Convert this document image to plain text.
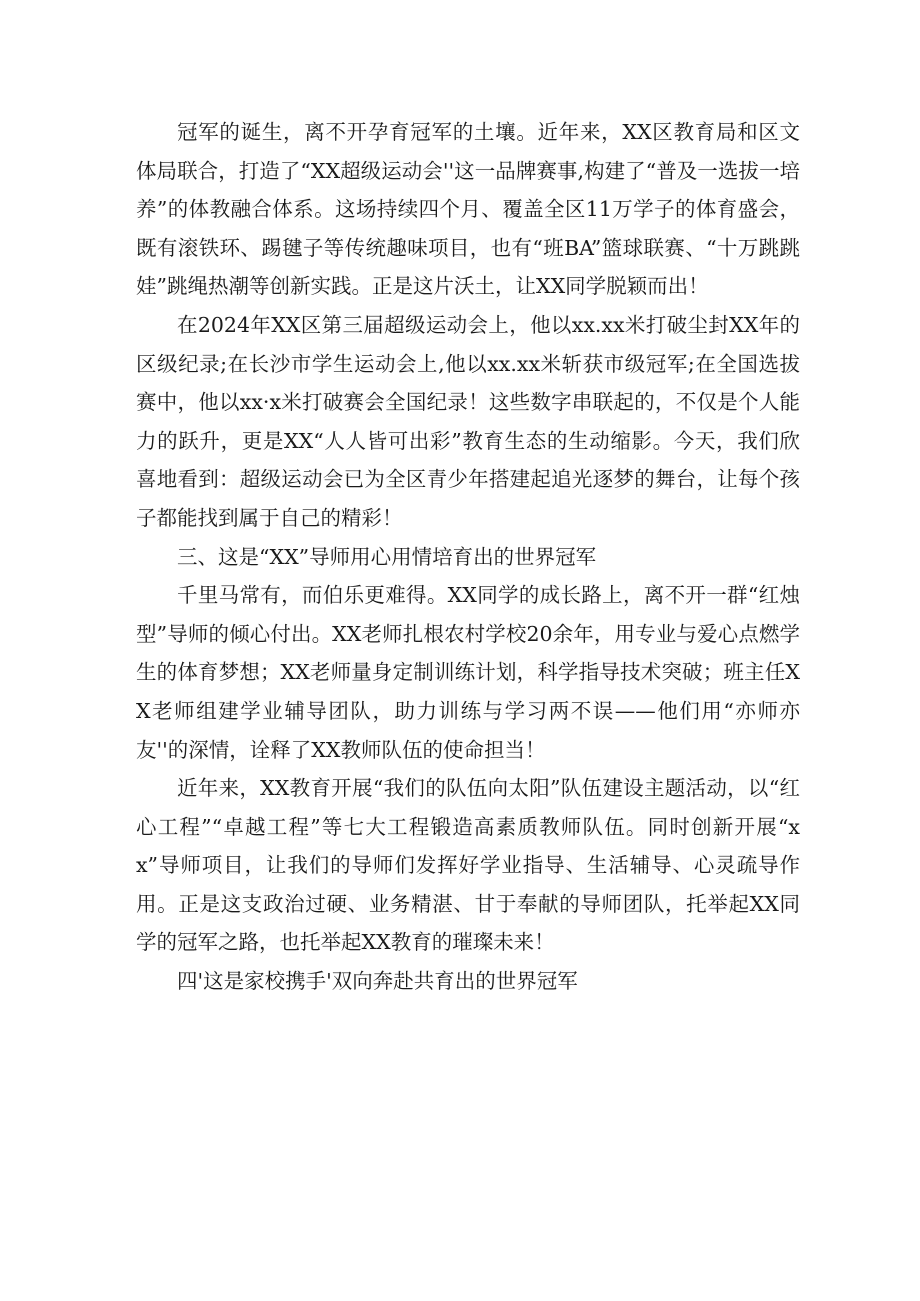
冠军的诞生，离不开孕育冠军的土壤。近年来，XX区教育局和区文体局联合，打造了“XX超级运动会''这一品牌赛事,构建了“普及一选拔一培养”的体教融合体系。这场持续四个月、覆盖全区11万学子的体育盛会，既有滚铁环、踢毽子等传统趣味项目，也有“班BA”篮球联赛、“十万跳跳娃”跳绳热潮等创新实践。正是这片沃土，让XX同学脱颖而出！

在2024年XX区第三届超级运动会上，他以xx.xx米打破尘封XX年的区级纪录;在长沙市学生运动会上,他以xx.xx米斩获市级冠军;在全国选拔赛中，他以xx·x米打破赛会全国纪录！这些数字串联起的，不仅是个人能力的跃升，更是XX“人人皆可出彩”教育生态的生动缩影。今天，我们欣喜地看到：超级运动会已为全区青少年搭建起追光逐梦的舞台，让每个孩子都能找到属于自己的精彩！

三、这是“XX”导师用心用情培育出的世界冠军

千里马常有，而伯乐更难得。XX同学的成长路上，离不开一群“红烛型”导师的倾心付出。XX老师扎根农村学校20余年，用专业与爱心点燃学生的体育梦想；XX老师量身定制训练计划，科学指导技术突破；班主任XX老师组建学业辅导团队，助力训练与学习两不误——他们用“亦师亦友''的深情，诠释了XX教师队伍的使命担当！

近年来，XX教育开展“我们的队伍向太阳”队伍建设主题活动，以“红心工程”“卓越工程”等七大工程锻造高素质教师队伍。同时创新开展“xx”导师项目，让我们的导师们发挥好学业指导、生活辅导、心灵疏导作用。正是这支政治过硬、业务精湛、甘于奉献的导师团队，托举起XX同学的冠军之路，也托举起XX教育的璀璨未来！

四'这是家校携手'双向奔赴共育出的世界冠军
